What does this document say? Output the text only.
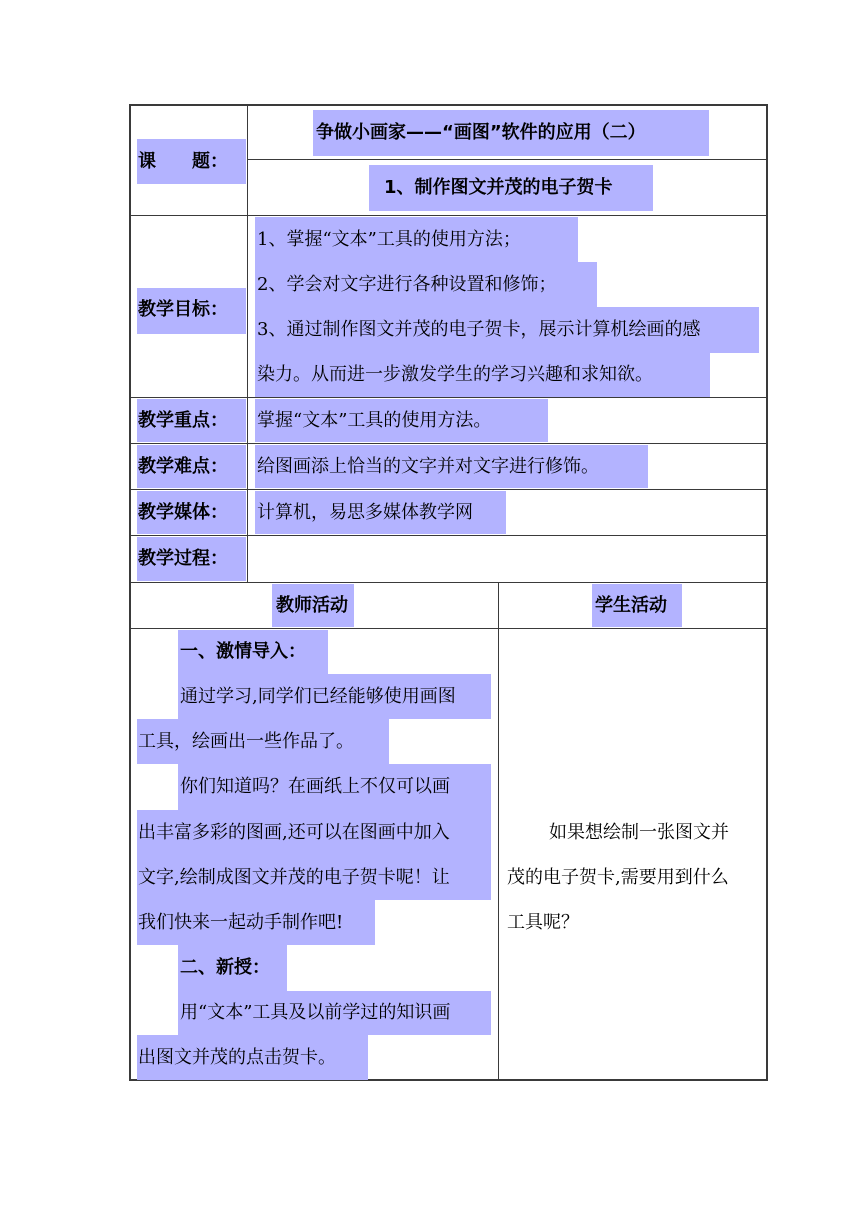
课　　题：
争做小画家——“画图”软件的应用（二）
1、制作图文并茂的电子贺卡
教学目标：
1、掌握“文本”工具的使用方法；
2、学会对文字进行各种设置和修饰；
3、通过制作图文并茂的电子贺卡，展示计算机绘画的感
染力。从而进一步激发学生的学习兴趣和求知欲。
教学重点： 掌握“文本”工具的使用方法。
教学难点： 给图画添上恰当的文字并对文字进行修饰。
教学媒体： 计算机，易思多媒体教学网
教学过程：
教师活动	学生活动
一、激情导入：
通过学习,同学们已经能够使用画图
工具，绘画出一些作品了。
你们知道吗？在画纸上不仅可以画
出丰富多彩的图画,还可以在图画中加入
文字,绘制成图文并茂的电子贺卡呢！让
我们快来一起动手制作吧!
二、新授：
用“文本”工具及以前学过的知识画
出图文并茂的点击贺卡。
如果想绘制一张图文并
茂的电子贺卡,需要用到什么
工具呢？
